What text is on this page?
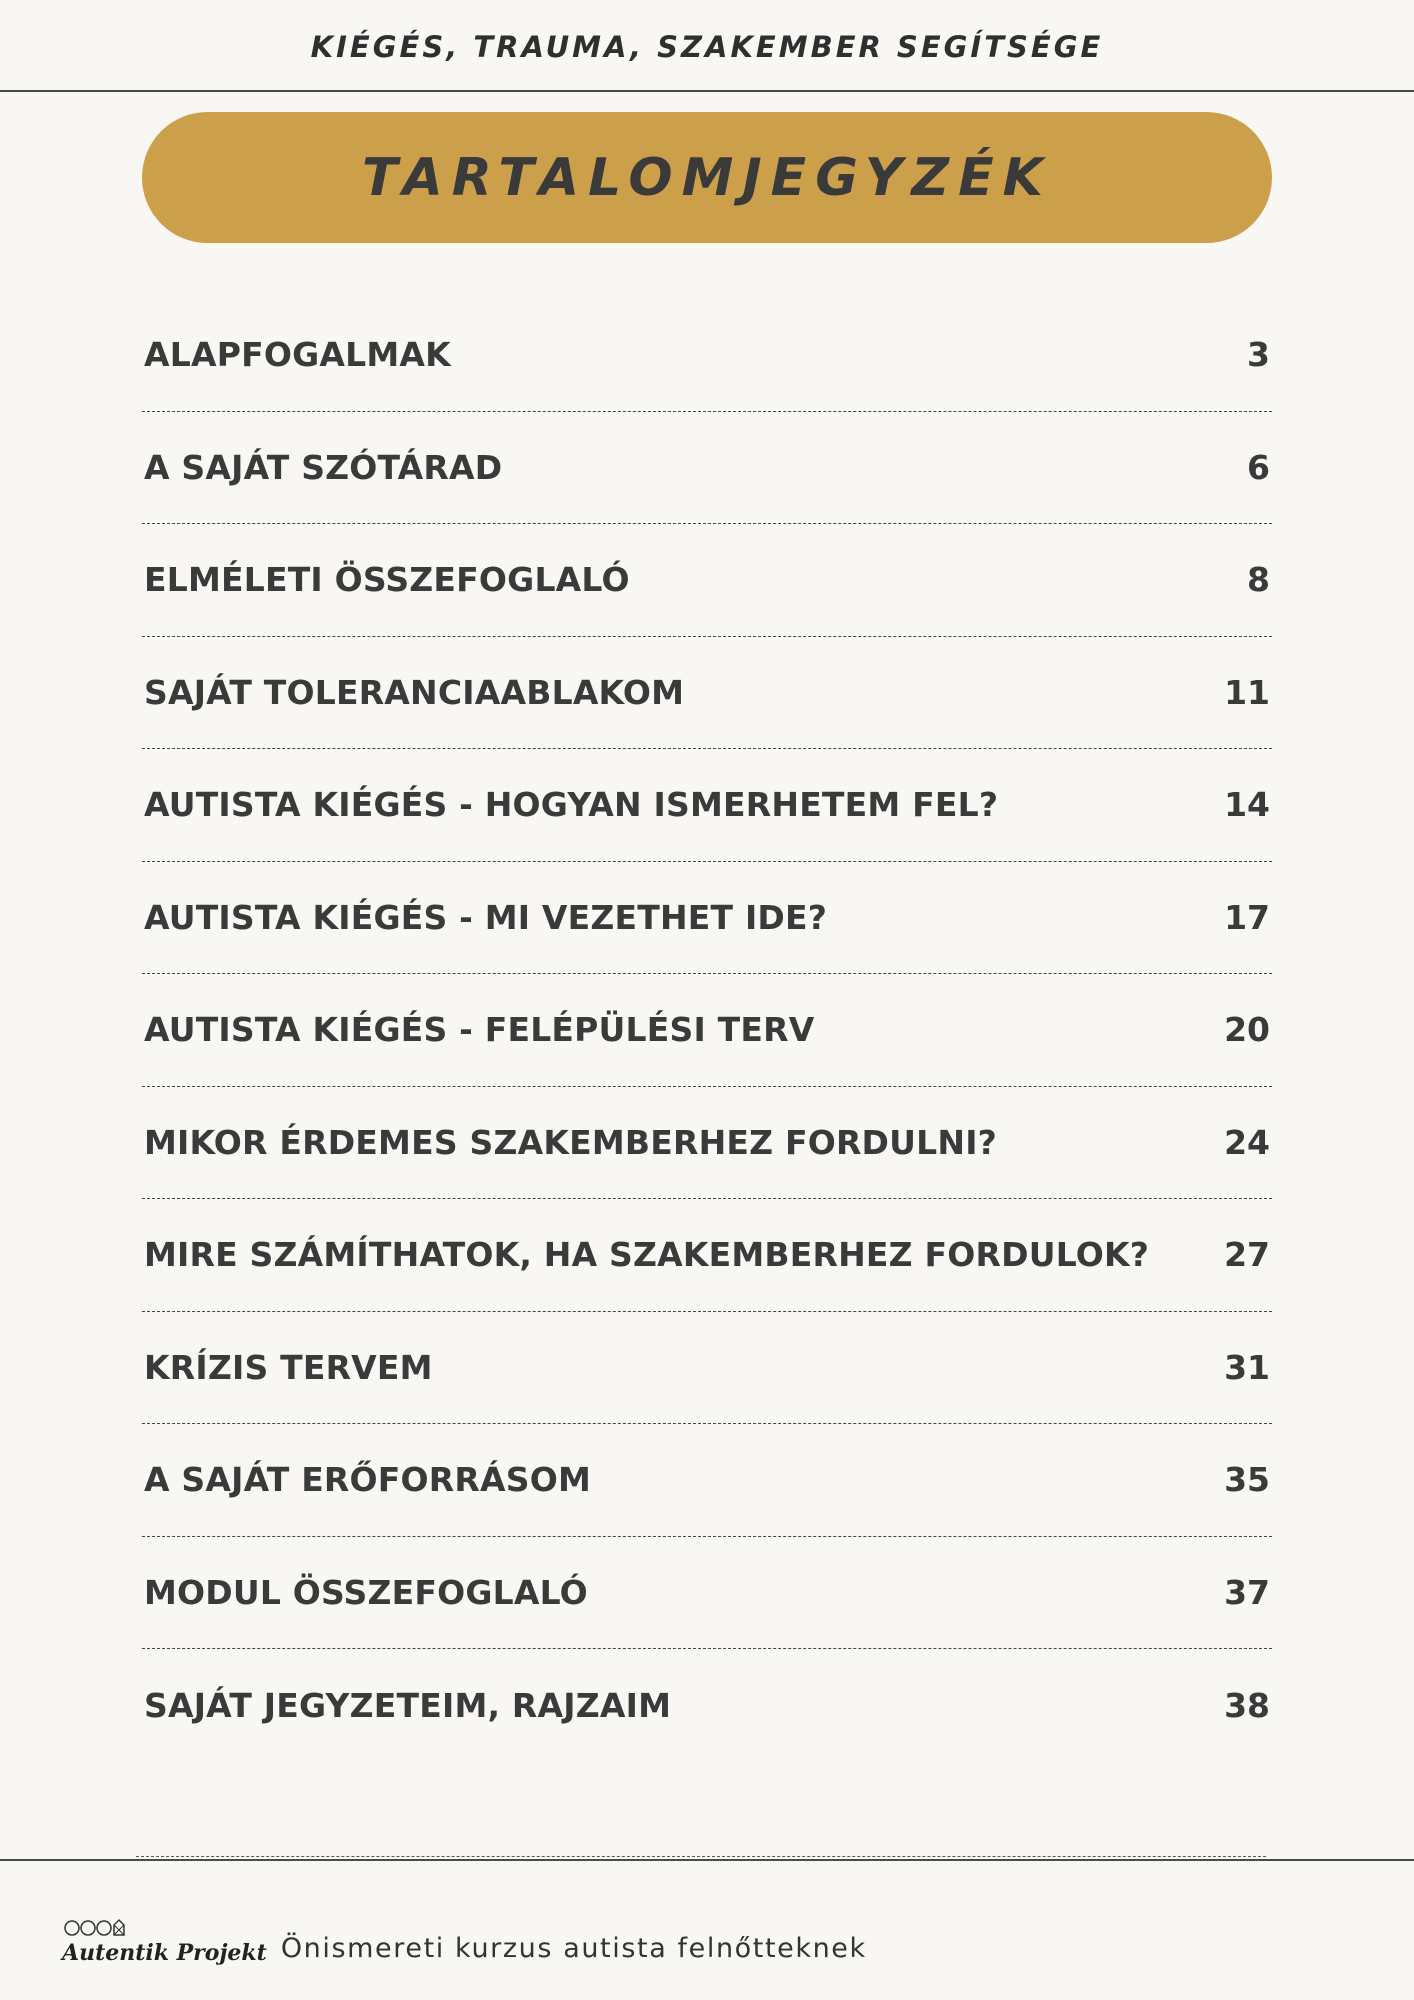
KIÉGÉS, TRAUMA, SZAKEMBER SEGÍTSÉGE
TARTALOMJEGYZÉK
ALAPFOGALMAK	3
A SAJÁT SZÓTÁRAD	6
ELMÉLETI ÖSSZEFOGLALÓ	8
SAJÁT TOLERANCIAABLAKOM	11
AUTISTA KIÉGÉS - HOGYAN ISMERHETEM FEL?	14
AUTISTA KIÉGÉS - MI VEZETHET IDE?	17
AUTISTA KIÉGÉS - FELÉPÜLÉSI TERV	20
MIKOR ÉRDEMES SZAKEMBERHEZ FORDULNI?	24
MIRE SZÁMÍTHATOK, HA SZAKEMBERHEZ FORDULOK? 27
KRÍZIS TERVEM	31
A SAJÁT ERŐFORRÁSOM	35
MODUL ÖSSZEFOGLALÓ	37
SAJÁT JEGYZETEIM, RAJZAIM	38
Autentik Projekt Önismereti kurzus autista felnőtteknek
